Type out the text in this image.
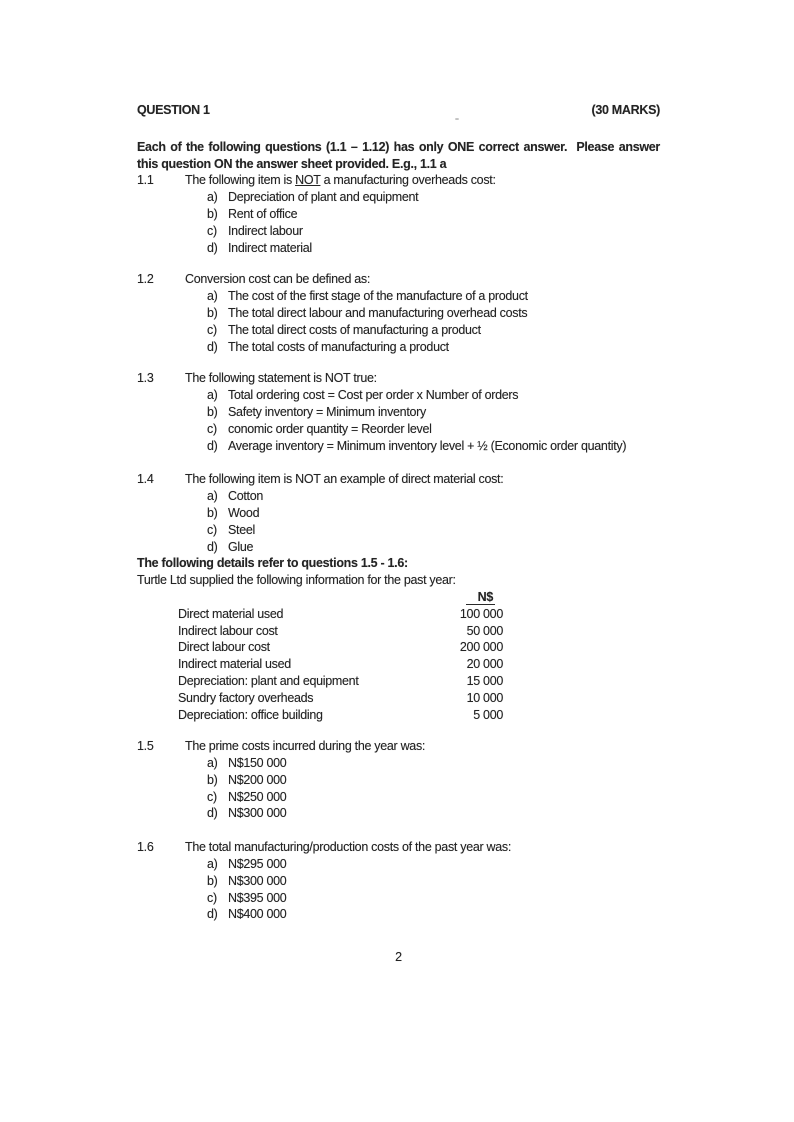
QUESTION 1	(30 MARKS)
Each of the following questions (1.1 – 1.12) has only ONE correct answer.  Please answer this question ON the answer sheet provided. E.g., 1.1 a
1.1	The following item is NOT a manufacturing overheads cost:
a) Depreciation of plant and equipment
b) Rent of office
c) Indirect labour
d) Indirect material
1.2	Conversion cost can be defined as:
a) The cost of the first stage of the manufacture of a product
b) The total direct labour and manufacturing overhead costs
c) The total direct costs of manufacturing a product
d) The total costs of manufacturing a product
1.3	The following statement is NOT true:
a) Total ordering cost = Cost per order x Number of orders
b) Safety inventory = Minimum inventory
c) conomic order quantity = Reorder level
d) Average inventory = Minimum inventory level + ½ (Economic order quantity)
1.4	The following item is NOT an example of direct material cost:
a) Cotton
b) Wood
c) Steel
d) Glue
The following details refer to questions 1.5 - 1.6:
Turtle Ltd supplied the following information for the past year:
N$
Direct material used	100 000
Indirect labour cost	50 000
Direct labour cost	200 000
Indirect material used	20 000
Depreciation: plant and equipment	15 000
Sundry factory overheads	10 000
Depreciation: office building	5 000
1.5	The prime costs incurred during the year was:
a) N$150 000
b) N$200 000
c) N$250 000
d) N$300 000
1.6	The total manufacturing/production costs of the past year was:
a) N$295 000
b) N$300 000
c) N$395 000
d) N$400 000
2
